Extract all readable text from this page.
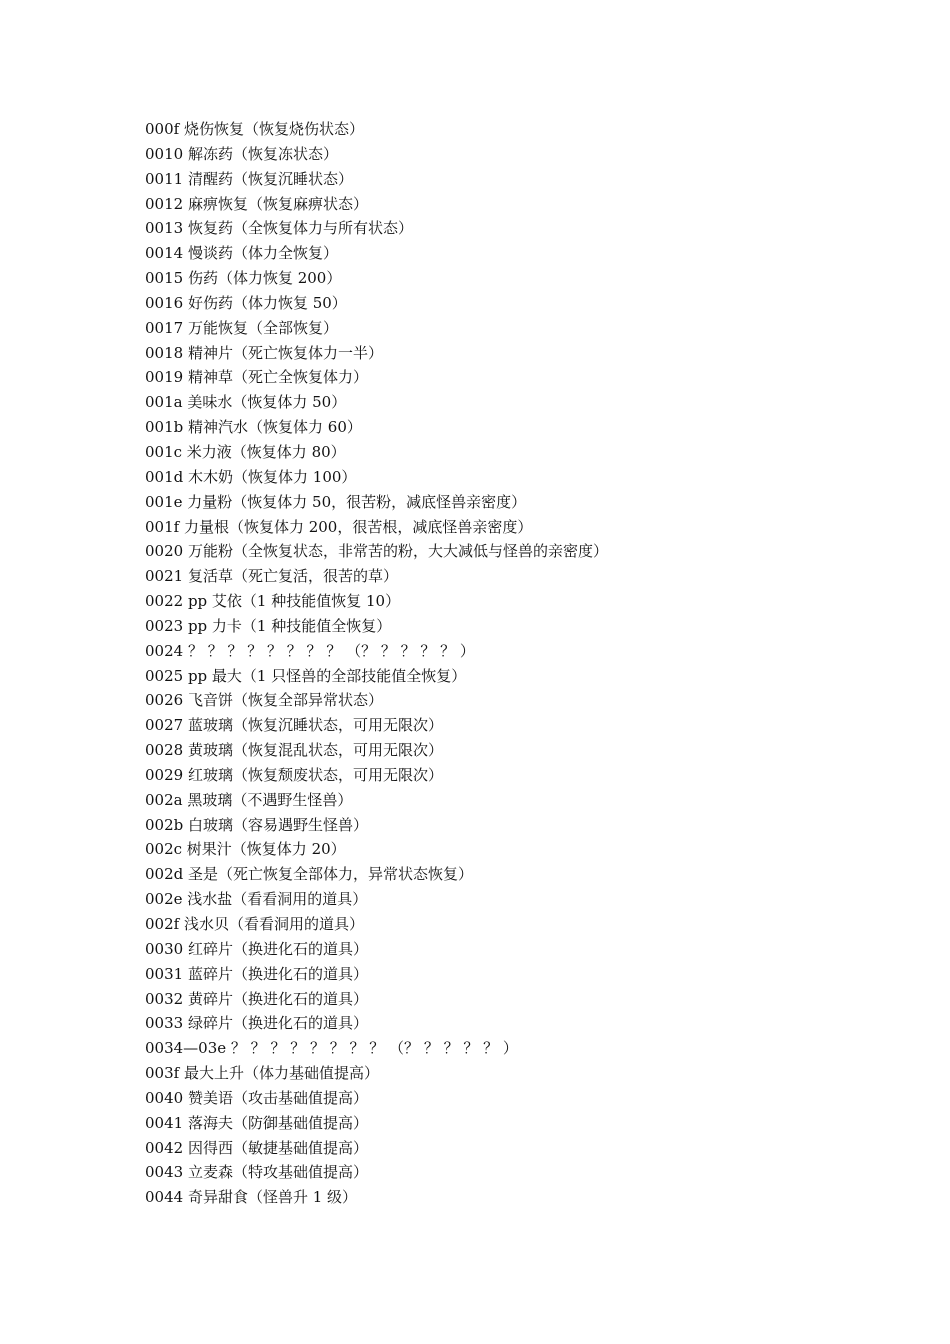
000f 烧伤恢复（恢复烧伤状态）
0010 解冻药（恢复冻状态）
0011 清醒药（恢复沉睡状态）
0012 麻痹恢复（恢复麻痹状态）
0013 恢复药（全恢复体力与所有状态）
0014 慢谈药（体力全恢复）
0015 伤药（体力恢复 200）
0016 好伤药（体力恢复 50）
0017 万能恢复（全部恢复）
0018 精神片（死亡恢复体力一半）
0019 精神草（死亡全恢复体力）
001a 美味水（恢复体力 50）
001b 精神汽水（恢复体力 60）
001c 米力液（恢复体力 80）
001d 木木奶（恢复体力 100）
001e 力量粉（恢复体力 50，很苦粉，减底怪兽亲密度）
001f 力量根（恢复体力 200，很苦根，减底怪兽亲密度）
0020 万能粉（全恢复状态，非常苦的粉，大大减低与怪兽的亲密度）
0021 复活草（死亡复活，很苦的草）
0022 pp 艾依（1 种技能值恢复 10）
0023 pp 力卡（1 种技能值全恢复）
0024 ？ ？ ？ ？ ？ ？ ？ ？ （？ ？ ？ ？ ？ ）
0025 pp 最大（1 只怪兽的全部技能值全恢复）
0026 飞音饼（恢复全部异常状态）
0027 蓝玻璃（恢复沉睡状态，可用无限次）
0028 黄玻璃（恢复混乱状态，可用无限次）
0029 红玻璃（恢复颓废状态，可用无限次）
002a 黑玻璃（不遇野生怪兽）
002b 白玻璃（容易遇野生怪兽）
002c 树果汁（恢复体力 20）
002d 圣是（死亡恢复全部体力，异常状态恢复）
002e 浅水盐（看看洞用的道具）
002f 浅水贝（看看洞用的道具）
0030 红碎片（换进化石的道具）
0031 蓝碎片（换进化石的道具）
0032 黄碎片（换进化石的道具）
0033 绿碎片（换进化石的道具）
0034—03e ？ ？ ？ ？ ？ ？ ？ ？ （？ ？ ？ ？ ？ ）
003f 最大上升（体力基础值提高）
0040 赞美语（攻击基础值提高）
0041 落海夫（防御基础值提高）
0042 因得西（敏捷基础值提高）
0043 立麦森（特攻基础值提高）
0044 奇异甜食（怪兽升 1 级）
